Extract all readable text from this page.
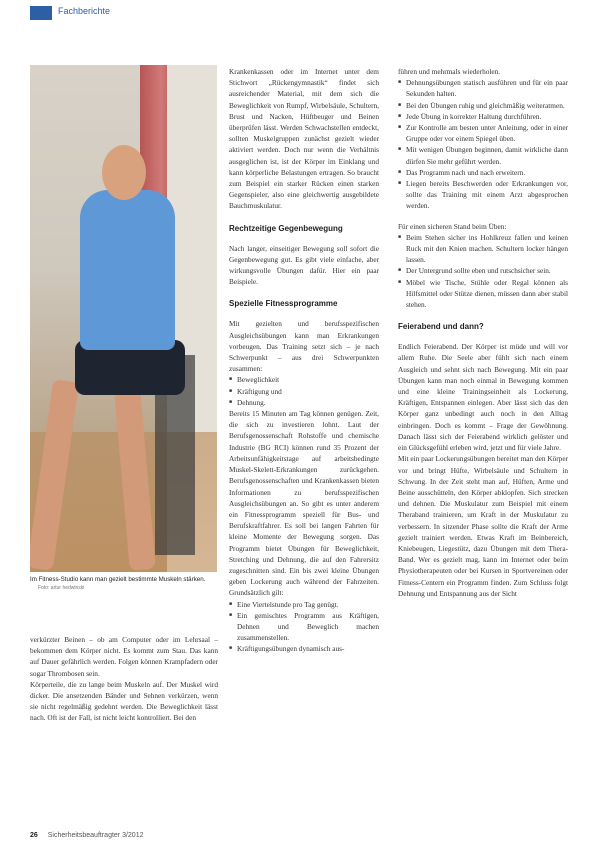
Fachberichte
Im Fitness-Studio kann man gezielt bestimmte Muskeln stärken. Foto: artur hedwinski

verkürzter Beinen – ob am Computer oder im Lehrsaal – bekommen dem Körper nicht. Es kommt zum Stau. Das kann auf Dauer gefährlich werden. Folgen können Krampfadern oder sogar Thrombosen sein.

Körperteile, die zu lange beim Muskeln auf. Der Muskel wird dicker. Die ansetzenden Bänder und Sehnen verkürzen, wenn sie nicht regelmäßig gedehnt werden. Die Beweglichkeit lässt nach. Oft ist der Fall, ist nicht leicht kontrolliert. Bei den

Krankenkassen oder im Internet unter dem Stichwort „Rückengymnastik“ findet sich ausreichender Material, mit dem sich die Beweglichkeit von Rumpf, Wirbelsäule, Schultern, Brust und Nacken, Hüftbeuger und Beinen überprüfen lässt. Werden Schwachstellen entdeckt, sollten Muskelgruppen zunächst gezielt wieder aktiviert werden. Doch nur wenn die Verhältnis ausgeglichen ist, ist der Körper im Einklang und kann körperliche Belastungen ertragen. So braucht zum Beispiel ein starker Rücken einen starken Gegenspieler, also eine gleichwertig ausgebildete Bauchmuskulatur.

Rechtzeitige Gegenbewegung

Nach langer, einseitiger Bewegung soll sofort die Gegenbewegung gut. Es gibt viele einfache, aber wirkungsvolle Übungen dafür. Hier ein paar Beispiele.

Spezielle Fitnessprogramme

Mit gezielten und berufsspezifischen Ausgleichsübungen kann man Erkrankungen vorbeugen. Das Training setzt sich – je nach Schwerpunkt – aus drei Schwerpunkten zusammen:

■ Beweglichkeit
■ Kräftigung und
■ Dehnung.

Bereits 15 Minuten am Tag können genügen. Zeit, die sich zu investieren lohnt. Laut der Berufsgenossenschaft Rohstoffe und chemische Industrie (BG RCI) können rund 35 Prozent der Arbeitsunfähigkeitstage auf arbeitsbedingte Muskel-Skelett-Erkrankungen zurückgehen. Berufsgenossenschaften und Krankenkassen bieten Informationen zu berufsspezifischen Ausgleichsübungen an. So gibt es unter anderem ein Fitnessprogramm speziell für Bus- und Berufskraftfahrer. Es soll bei langen Fahrten für kleine Momente der Bewegung sorgen. Das Programm bietet Übungen für Beweglichkeit, Stretching und Dehnung, die auf den Fahrersitz zugeschnitten sind. Ein bis zwei kleine Übungen geben Lockerung auch während der Fahrzeiten. Grundsätzlich gilt:

■ Eine Viertelstunde pro Tag genügt.
■ Ein gemischtes Programm aus Kräftigen, Dehnen und Beweglich machen zusammenstellen.
■ Kräftigungsübungen dynamisch aus-

führen und mehrmals wiederholen.

■ Dehnungsübungen statisch ausführen und für ein paar Sekunden halten.
■ Bei den Übungen ruhig und gleichmäßig weiteratmen.
■ Jede Übung in korrekter Haltung durchführen.
■ Zur Kontrolle am besten unter Anleitung, oder in einer Gruppe oder vor einem Spiegel üben.
■ Mit wenigen Übungen beginnen, damit wirkliche dann dürfen Sie mehr geführt werden.
■ Das Programm nach und nach erweitern.
■ Liegen bereits Beschwerden oder Erkrankungen vor, sollte das Training mit einem Arzt abgesprochen werden.

Für einen sicheren Stand beim Üben:

■ Beim Stehen sicher ins Hohlkreuz fallen und keinen Ruck mit den Knien machen. Schultern locker hängen lassen.
■ Der Untergrund sollte eben und rutschsicher sein.
■ Möbel wie Tische, Stühle oder Regal können als Hilfsmittel oder Stütze dienen, müssen dann aber stabil stehen.
Feierabend und dann?

Endlich Feierabend. Der Körper ist müde und will vor allem Ruhe. Die Seele aber fühlt sich nach einem Ausgleich und sehnt sich nach Bewegung. Mit ein paar Übungen kann man noch einmal in Bewegung kommen und eine kleine Trainingseinheit als Lockerung, Kräftigen, Entspannen einlegen. Aber lässt sich das den Körper ganz unbedingt auch noch in den Alltag einbringen. Doch es kommt – Frage der Gewöhnung. Danach lässt sich der Feierabend wirklich gelöster und ein Glücksgefühl erleben wird, jetzt und für viele Jahre.

Mit ein paar Lockerungsübungen bereitet man den Körper vor und bringt Hüfte, Wirbelsäule und Schultern in Schwung. In der Zeit steht man auf, Hüften, Arme und Beine ausschütteln, den Körper abklopfen. Sich strecken und dehnen. Die Muskulatur zum Beispiel mit einem Theraband trainieren, um Kraft in der Muskulatur zu verbessern. In sitzender Phase sollte die Kraft der Arme gezielt trainiert werden. Etwas Kraft im Beinbereich, Kniebeugen, Liegestütz, dazu Übungen mit dem Thera-Band. Wer es gezielt mag, kann im Internet oder beim Physiotherapeuten oder bei Kursen in Sportvereinen oder Fitness-Centern ein Programm finden. Zum Schluss folgt Dehnung und Entspannung aus der Sicht

26 Sicherheitsbeauftragter 3/2012
